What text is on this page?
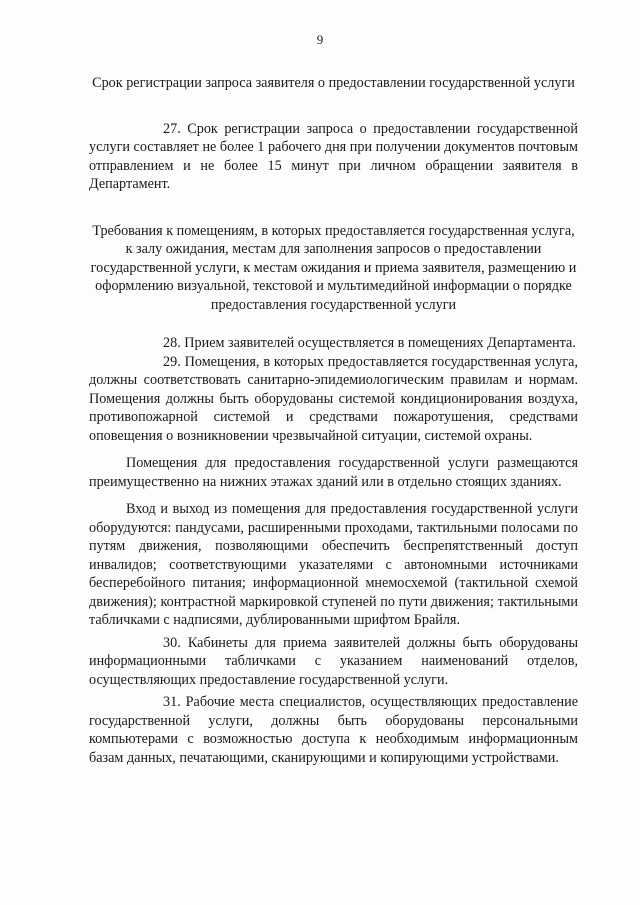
9

Срок регистрации запроса заявителя о предоставлении государственной услуги

27. Срок регистрации запроса о предоставлении государственной услуги составляет не более 1 рабочего дня при получении документов почтовым отправлением и не более 15 минут при личном обращении заявителя в Департамент.

Требования к помещениям, в которых предоставляется государственная услуга, к залу ожидания, местам для заполнения запросов о предоставлении государственной услуги, к местам ожидания и приема заявителя, размещению и оформлению визуальной, текстовой и мультимедийной информации о порядке предоставления государственной услуги

28. Прием заявителей осуществляется в помещениях Департамента.

29. Помещения, в которых предоставляется государственная услуга, должны соответствовать санитарно-эпидемиологическим правилам и нормам. Помещения должны быть оборудованы системой кондиционирования воздуха, противопожарной системой и средствами пожаротушения, средствами оповещения о возникновении чрезвычайной ситуации, системой охраны.

Помещения для предоставления государственной услуги размещаются преимущественно на нижних этажах зданий или в отдельно стоящих зданиях.

Вход и выход из помещения для предоставления государственной услуги оборудуются: пандусами, расширенными проходами, тактильными полосами по путям движения, позволяющими обеспечить беспрепятственный доступ инвалидов; соответствующими указателями с автономными источниками бесперебойного питания; информационной мнемосхемой (тактильной схемой движения); контрастной маркировкой ступеней по пути движения; тактильными табличками с надписями, дублированными шрифтом Брайля.

30. Кабинеты для приема заявителей должны быть оборудованы информационными табличками с указанием наименований отделов, осуществляющих предоставление государственной услуги.

31. Рабочие места специалистов, осуществляющих предоставление государственной услуги, должны быть оборудованы персональными компьютерами с возможностью доступа к необходимым информационным базам данных, печатающими, сканирующими и копирующими устройствами.
